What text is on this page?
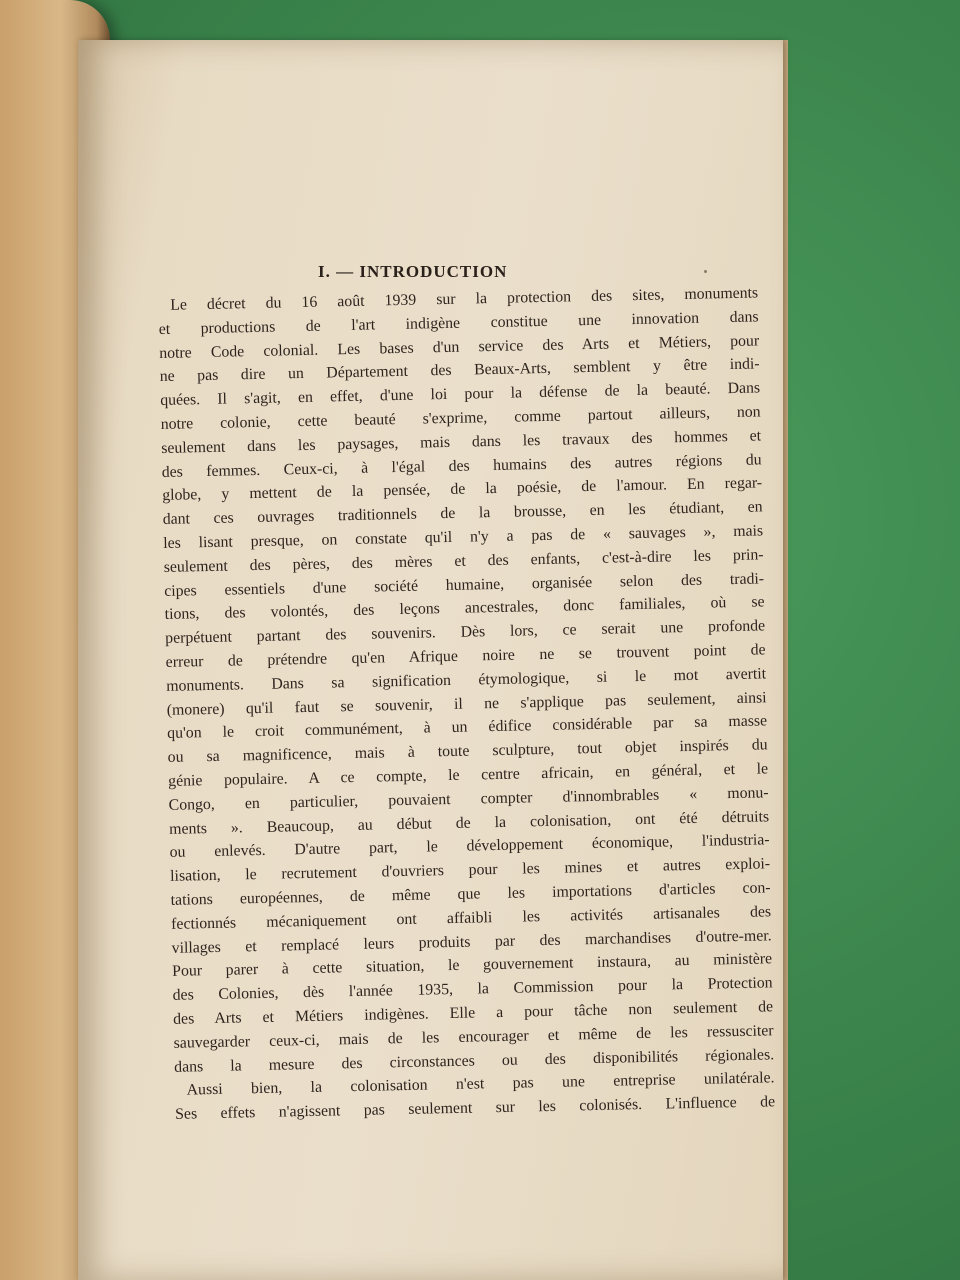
I. — INTRODUCTION
Le décret du 16 août 1939 sur la protection des sites, monuments
et productions de l'art indigène constitue une innovation dans
notre Code colonial. Les bases d'un service des Arts et Métiers, pour
ne pas dire un Département des Beaux-Arts, semblent y être indi-
quées. Il s'agit, en effet, d'une loi pour la défense de la beauté. Dans
notre colonie, cette beauté s'exprime, comme partout ailleurs, non
seulement dans les paysages, mais dans les travaux des hommes et
des femmes. Ceux-ci, à l'égal des humains des autres régions du
globe, y mettent de la pensée, de la poésie, de l'amour. En regar-
dant ces ouvrages traditionnels de la brousse, en les étudiant, en
les lisant presque, on constate qu'il n'y a pas de « sauvages », mais
seulement des pères, des mères et des enfants, c'est-à-dire les prin-
cipes essentiels d'une société humaine, organisée selon des tradi-
tions, des volontés, des leçons ancestrales, donc familiales, où se
perpétuent partant des souvenirs. Dès lors, ce serait une profonde
erreur de prétendre qu'en Afrique noire ne se trouvent point de
monuments. Dans sa signification étymologique, si le mot avertit
(monere) qu'il faut se souvenir, il ne s'applique pas seulement, ainsi
qu'on le croit communément, à un édifice considérable par sa masse
ou sa magnificence, mais à toute sculpture, tout objet inspirés du
génie populaire. A ce compte, le centre africain, en général, et le
Congo, en particulier, pouvaient compter d'innombrables « monu-
ments ». Beaucoup, au début de la colonisation, ont été détruits
ou enlevés. D'autre part, le développement économique, l'industria-
lisation, le recrutement d'ouvriers pour les mines et autres exploi-
tations européennes, de même que les importations d'articles con-
fectionnés mécaniquement ont affaibli les activités artisanales des
villages et remplacé leurs produits par des marchandises d'outre-mer.
Pour parer à cette situation, le gouvernement instaura, au ministère
des Colonies, dès l'année 1935, la Commission pour la Protection
des Arts et Métiers indigènes. Elle a pour tâche non seulement de
sauvegarder ceux-ci, mais de les encourager et même de les ressusciter
dans la mesure des circonstances ou des disponibilités régionales.
Aussi bien, la colonisation n'est pas une entreprise unilatérale.
Ses effets n'agissent pas seulement sur les colonisés. L'influence de
